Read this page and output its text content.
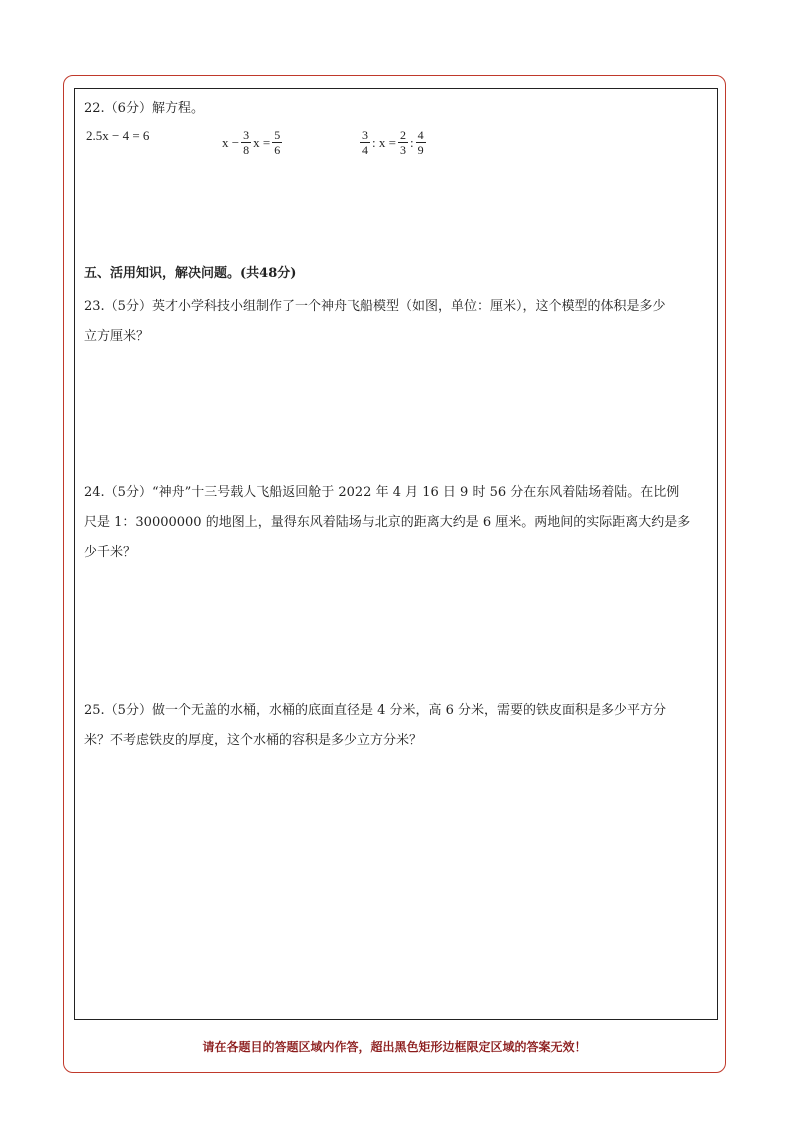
22.（6分）解方程。
2.5x − 4 = 6	$x - \frac{3}{8}$ $x = \frac{5}{6}$	$\frac{3}{4}$ : $x = \frac{2}{3}$ : $\frac{4}{9}$
五、活用知识，解决问题。(共48分)
23.（5分）英才小学科技小组制作了一个神舟飞船模型（如图，单位：厘米），这个模型的体积是多少
立方厘米？
24.（5分）“神舟”十三号载人飞船返回舱于 2022 年 4 月 16 日 9 时 56 分在东风着陆场着陆。在比例
尺是 1：30000000 的地图上，量得东风着陆场与北京的距离大约是 6 厘米。两地间的实际距离大约是多
少千米？
25.（5分）做一个无盖的水桶，水桶的底面直径是 4 分米，高 6 分米，需要的铁皮面积是多少平方分
米？不考虑铁皮的厚度，这个水桶的容积是多少立方分米？
请在各题目的答题区域内作答，超出黑色矩形边框限定区域的答案无效！
